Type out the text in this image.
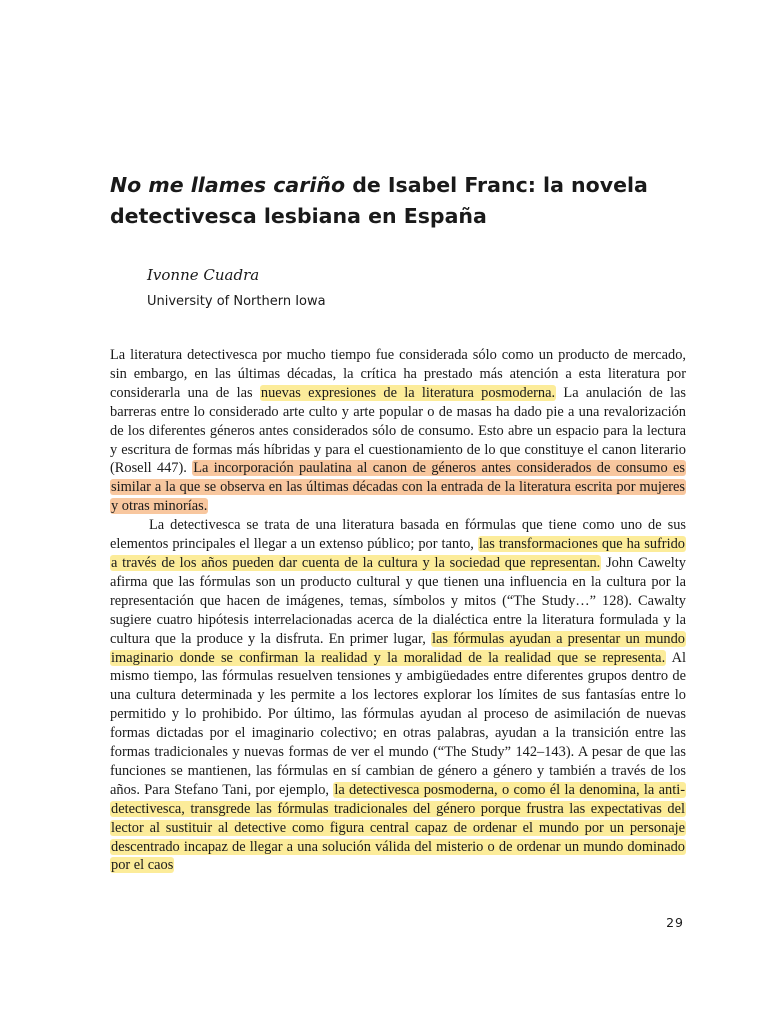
No me llames cariño de Isabel Franc: la novela detectivesca lesbiana en España

Ivonne Cuadra

University of Northern Iowa

La literatura detectivesca por mucho tiempo fue considerada sólo como un producto de mercado, sin embargo, en las últimas décadas, la crítica ha prestado más atención a esta literatura por considerarla una de las nuevas expresiones de la literatura posmoderna. La anulación de las barreras entre lo considerado arte culto y arte popular o de masas ha dado pie a una revalorización de los diferentes géneros antes considerados sólo de consumo. Esto abre un espacio para la lectura y escritura de formas más híbridas y para el cuestionamiento de lo que constituye el canon literario (Rosell 447). La incorporación paulatina al canon de géneros antes considerados de consumo es similar a la que se observa en las últimas décadas con la entrada de la literatura escrita por mujeres y otras minorías.

La detectivesca se trata de una literatura basada en fórmulas que tiene como uno de sus elementos principales el llegar a un extenso público; por tanto, las transformaciones que ha sufrido a través de los años pueden dar cuenta de la cultura y la sociedad que representan. John Cawelty afirma que las fórmulas son un producto cultural y que tienen una influencia en la cultura por la representación que hacen de imágenes, temas, símbolos y mitos (“The Study…” 128). Cawalty sugiere cuatro hipótesis interrelacionadas acerca de la dialéctica entre la literatura formulada y la cultura que la produce y la disfruta. En primer lugar, las fórmulas ayudan a presentar un mundo imaginario donde se confirman la realidad y la moralidad de la realidad que se representa. Al mismo tiempo, las fórmulas resuelven tensiones y ambigüedades entre diferentes grupos dentro de una cultura determinada y les permite a los lectores explorar los límites de sus fantasías entre lo permitido y lo prohibido. Por último, las fórmulas ayudan al proceso de asimilación de nuevas formas dictadas por el imaginario colectivo; en otras palabras, ayudan a la transición entre las formas tradicionales y nuevas formas de ver el mundo (“The Study” 142–143). A pesar de que las funciones se mantienen, las fórmulas en sí cambian de género a género y también a través de los años. Para Stefano Tani, por ejemplo, la detectivesca posmoderna, o como él la denomina, la anti-detectivesca, transgrede las fórmulas tradicionales del género porque frustra las expectativas del lector al sustituir al detective como figura central capaz de ordenar el mundo por un personaje descentrado incapaz de llegar a una solución válida del misterio o de ordenar un mundo dominado por el caos

29
